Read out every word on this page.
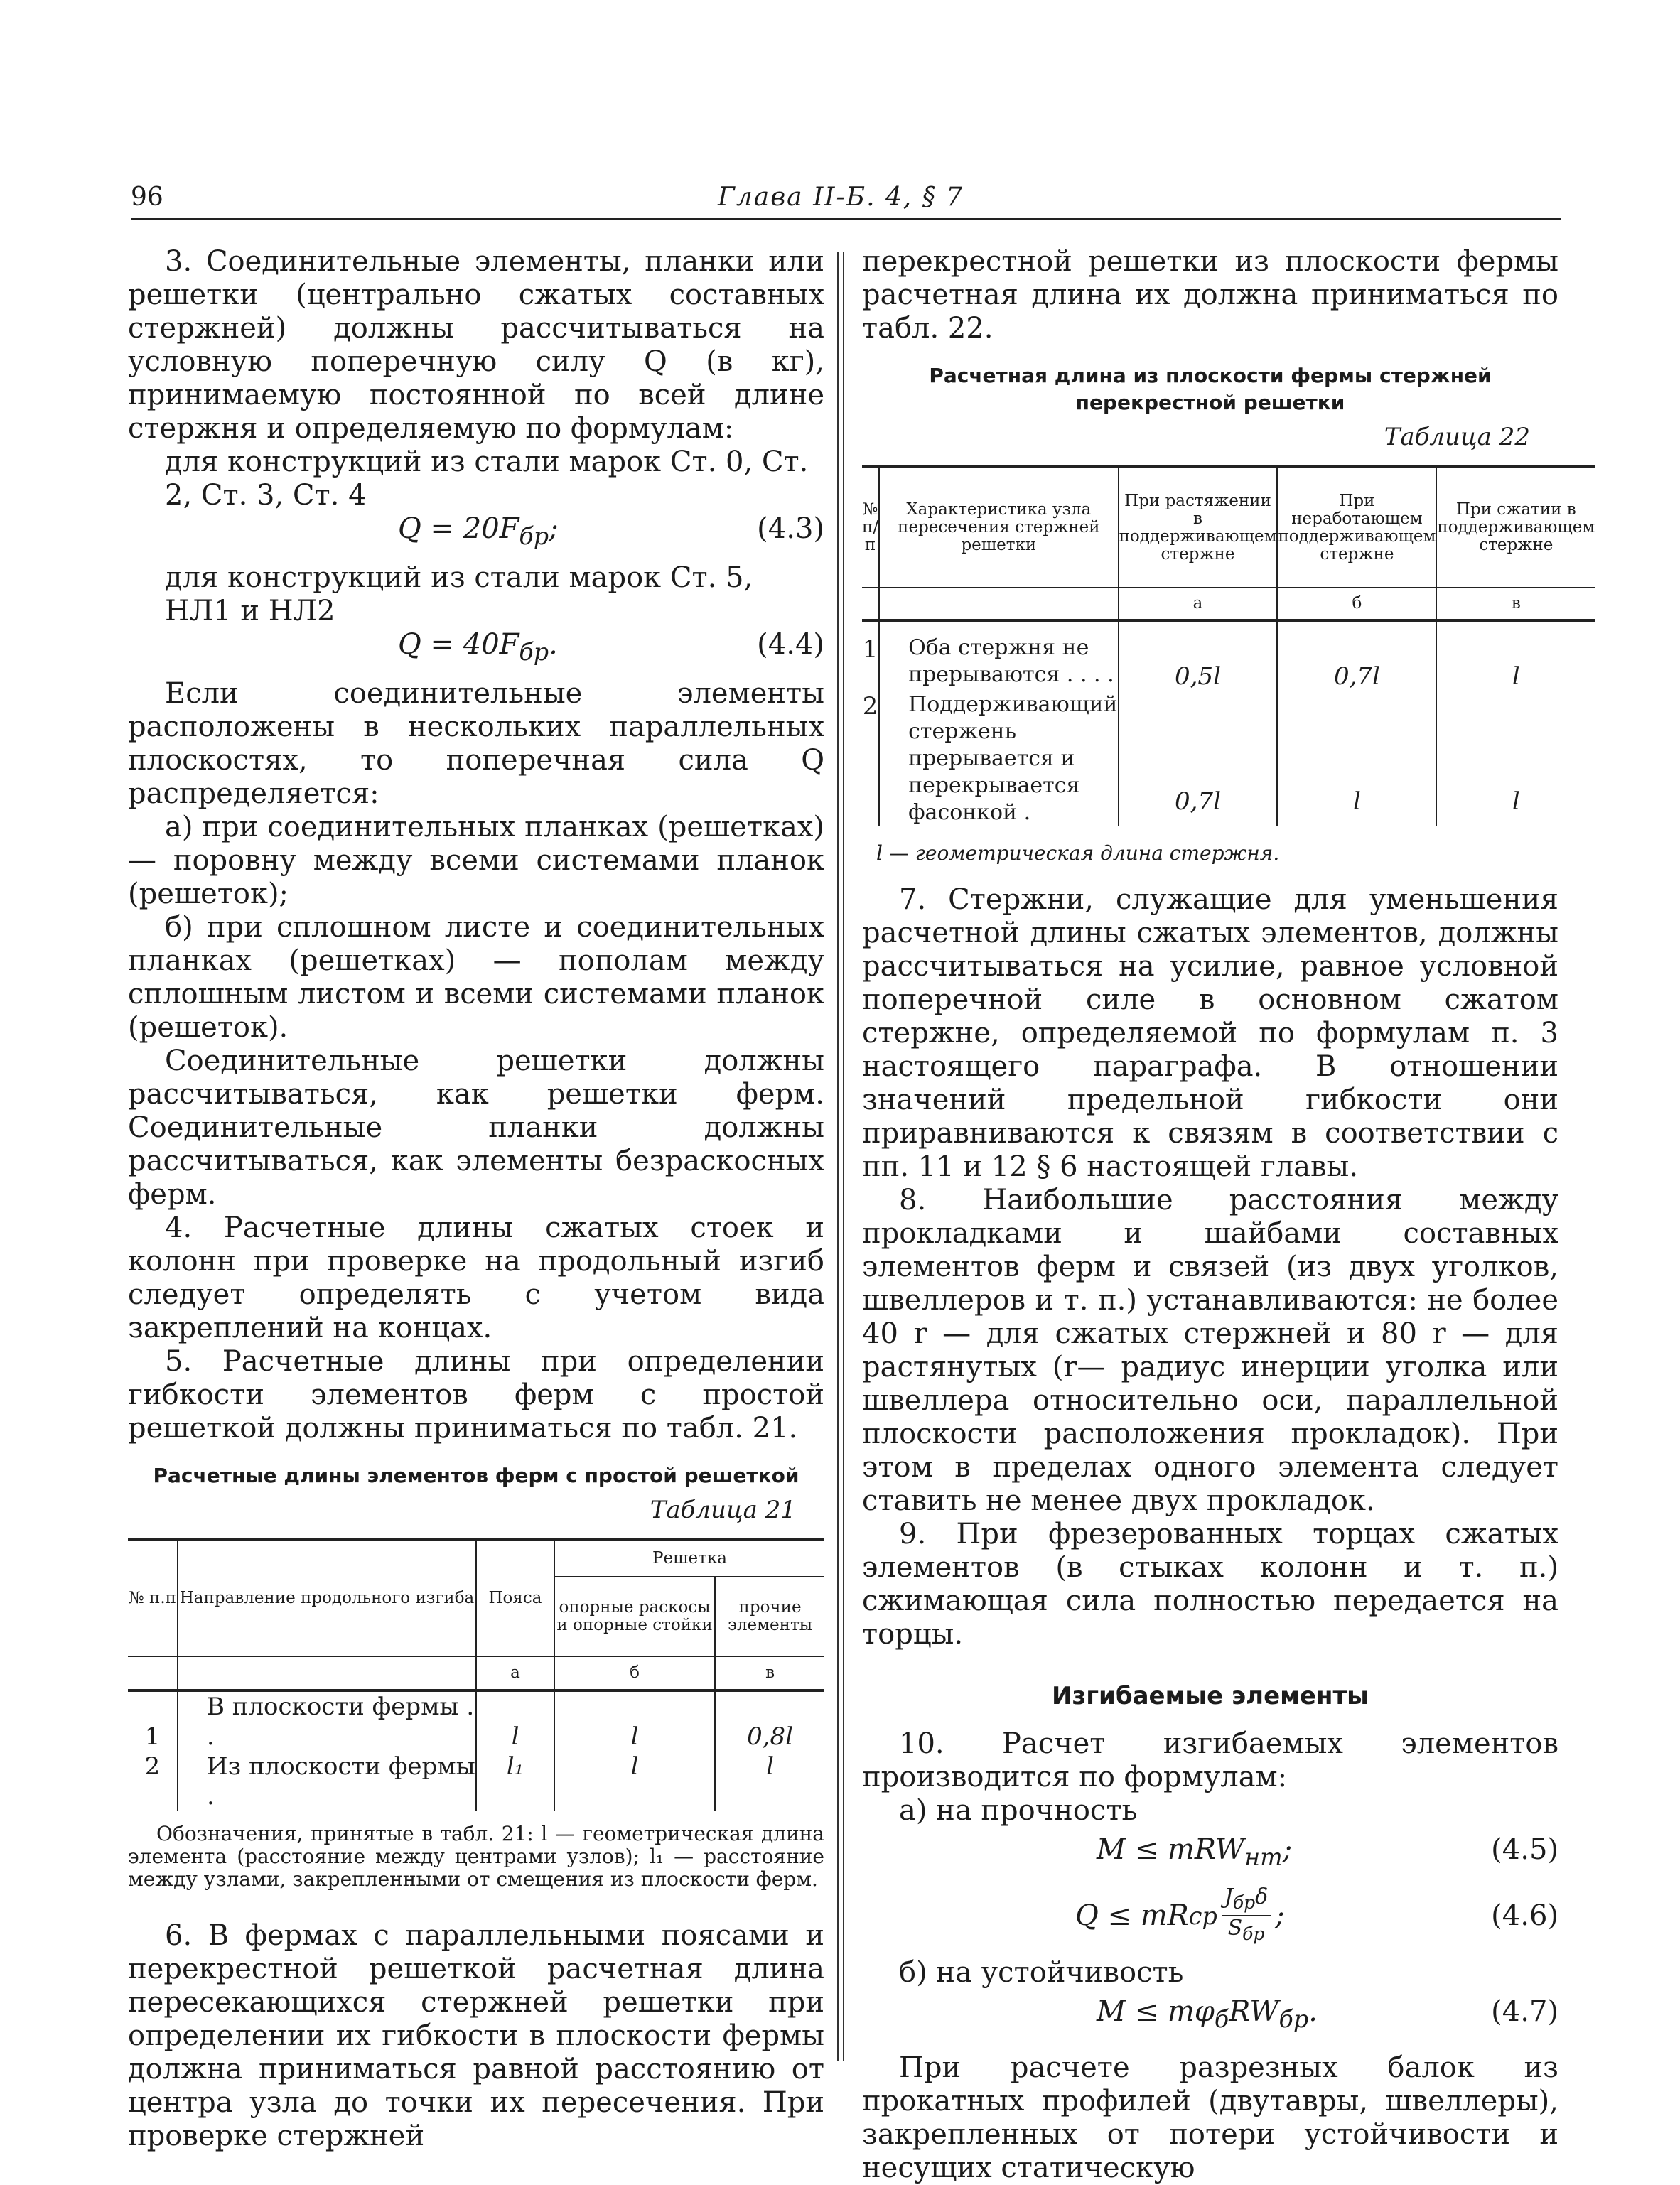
96	Глава II-Б. 4, § 7

3. Соединительные элементы, планки или решетки (центрально сжатых составных стержней) должны рассчитываться на условную поперечную силу Q (в кг), принимаемую постоянной по всей длине стержня и определяемую по формулам:

для конструкций из стали марок Ст. 0, Ст. 2, Ст. 3, Ст. 4

$Q = 20F_{бр}$;	(4.3)

для конструкций из стали марок Ст. 5, НЛ1 и НЛ2

$Q = 40F_{бр}$.	(4.4)

Если соединительные элементы расположены в нескольких параллельных плоскостях, то поперечная сила Q распределяется:

а) при соединительных планках (решетках)— поровну между всеми системами планок (решеток);

б) при сплошном листе и соединительных планках (решетках) — пополам между сплошным листом и всеми системами планок (решеток).

Соединительные решетки должны рассчитываться, как решетки ферм. Соединительные планки должны рассчитываться, как элементы безраскосных ферм.

4. Расчетные длины сжатых стоек и колонн при проверке на продольный изгиб следует определять с учетом вида закреплений на концах.

5. Расчетные длины при определении гибкости элементов ферм с простой решеткой должны приниматься по табл. 21.

Расчетные длины элементов ферм с простой решеткой
Таблица 21
№ п.п	Направление продольного изгиба	Пояса	Решетка	
			опорные раскосы и опорные стойки	прочие элементы
		а	б	в
1	В плоскости фермы . .	l	l	0,8l
2	Из плоскости фермы .	l₁	l	l

Обозначения, принятые в табл. 21: l — геометрическая длина элемента (расстояние между центрами узлов); l₁ — расстояние между узлами, закрепленными от смещения из плоскости ферм.

6. В фермах с параллельными поясами и перекрестной решеткой расчетная длина пересекающихся стержней решетки при определении их гибкости в плоскости фермы должна приниматься равной расстоянию от центра узла до точки их пересечения. При проверке стержней

перекрестной решетки из плоскости фермы расчетная длина их должна приниматься по табл. 22.

Расчетная длина из плоскости фермы стержней перекрестной решетки
Таблица 22
№ п/п	Характеристика узла пересечения стержней решетки	При растяжении в поддерживающем стержне	При неработающем поддерживающем стержне	При сжатии в поддерживающем стержне
		а	б	в
1	Оба стержня не прерываются . . . .	0,5l	0,7l	l
2	Поддерживающий стержень прерывается и перекрывается фасонкой .	0,7l	l	l

l — геометрическая длина стержня.

7. Стержни, служащие для уменьшения расчетной длины сжатых элементов, должны рассчитываться на усилие, равное условной поперечной силе в основном сжатом стержне, определяемой по формулам п. 3 настоящего параграфа. В отношении значений предельной гибкости они приравниваются к связям в соответствии с пп. 11 и 12 § 6 настоящей главы.

8. Наибольшие расстояния между прокладками и шайбами составных элементов ферм и связей (из двух уголков, швеллеров и т. п.) устанавливаются: не более 40 r — для сжатых стержней и 80 r — для растянутых (r— радиус инерции уголка или швеллера относительно оси, параллельной плоскости расположения прокладок). При этом в пределах одного элемента следует ставить не менее двух прокладок.

9. При фрезерованных торцах сжатых элементов (в стыках колонн и т. п.) сжимающая сила полностью передается на торцы.

Изгибаемые элементы

10. Расчет изгибаемых элементов производится по формулам:

а) на прочность

M ≤ mRW$_{нт}$;	(4.5)
Q ≤ mR ср
$J_{бр}\delta$
$S_{бр}$
;	(4.6)

б) на устойчивость

$M \le m\varphi_бRW_{бр}$.	(4.7)

При расчете разрезных балок из прокатных профилей (двутавры, швеллеры), закрепленных от потери устойчивости и несущих статическую
